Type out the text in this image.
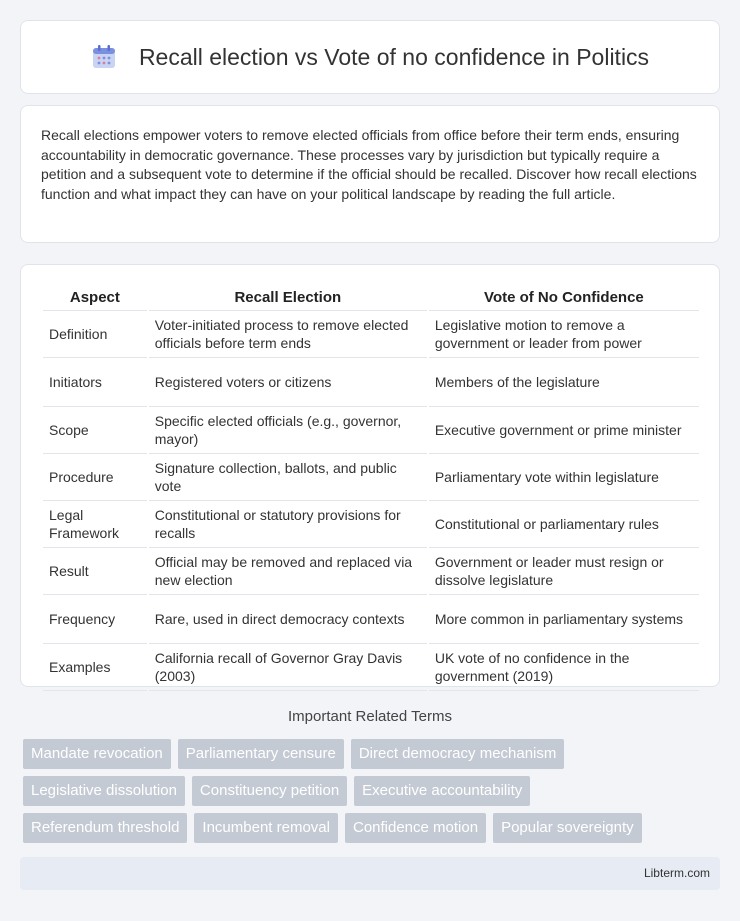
Recall election vs Vote of no confidence in Politics

Recall elections empower voters to remove elected officials from office before their term ends, ensuring accountability in democratic governance. These processes vary by jurisdiction but typically require a petition and a subsequent vote to determine if the official should be recalled. Discover how recall elections function and what impact they can have on your political landscape by reading the full article.

Aspect	Recall Election	Vote of No Confidence
Definition	Voter-initiated process to remove elected officials before term ends	Legislative motion to remove a government or leader from power
Initiators	Registered voters or citizens	Members of the legislature
Scope	Specific elected officials (e.g., governor, mayor)	Executive government or prime minister
Procedure	Signature collection, ballots, and public vote	Parliamentary vote within legislature
Legal Framework	Constitutional or statutory provisions for recalls	Constitutional or parliamentary rules
Result	Official may be removed and replaced via new election	Government or leader must resign or dissolve legislature
Frequency	Rare, used in direct democracy contexts	More common in parliamentary systems
Examples	California recall of Governor Gray Davis (2003)	UK vote of no confidence in the government (2019)
Important Related Terms
Mandate revocation	Parliamentary censure	Direct democracy mechanism
Legislative dissolution	Constituency petition	Executive accountability
Referendum threshold	Incumbent removal	Confidence motion	Popular sovereignty
Libterm.com
